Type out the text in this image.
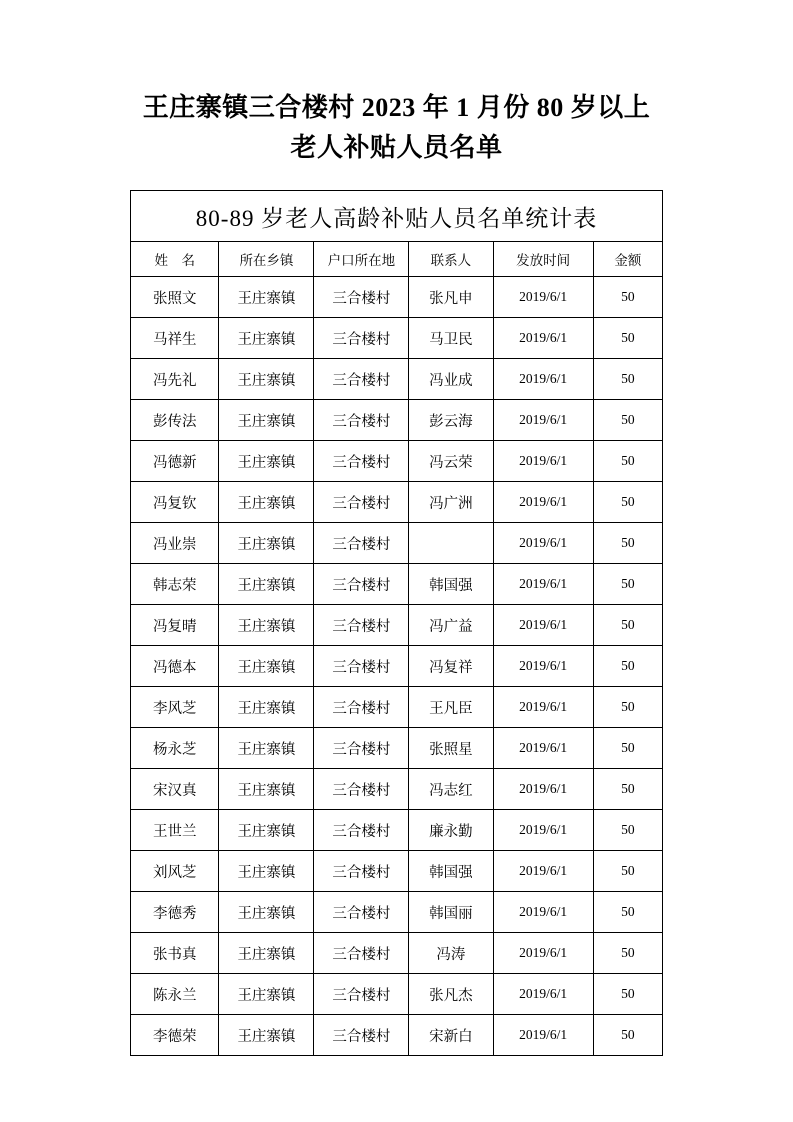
王庄寨镇三合楼村 2023 年 1 月份 80 岁以上
老人补贴人员名单
80-89 岁老人高龄补贴人员名单统计表					
姓　名	所在乡镇	户口所在地	联系人	发放时间	金额
张照文	王庄寨镇	三合楼村	张凡申	2019/6/1	50
马祥生	王庄寨镇	三合楼村	马卫民	2019/6/1	50
冯先礼	王庄寨镇	三合楼村	冯业成	2019/6/1	50
彭传法	王庄寨镇	三合楼村	彭云海	2019/6/1	50
冯德新	王庄寨镇	三合楼村	冯云荣	2019/6/1	50
冯复钦	王庄寨镇	三合楼村	冯广洲	2019/6/1	50
冯业崇	王庄寨镇	三合楼村		2019/6/1	50
韩志荣	王庄寨镇	三合楼村	韩国强	2019/6/1	50
冯复晴	王庄寨镇	三合楼村	冯广益	2019/6/1	50
冯德本	王庄寨镇	三合楼村	冯复祥	2019/6/1	50
李风芝	王庄寨镇	三合楼村	王凡臣	2019/6/1	50
杨永芝	王庄寨镇	三合楼村	张照星	2019/6/1	50
宋汉真	王庄寨镇	三合楼村	冯志红	2019/6/1	50
王世兰	王庄寨镇	三合楼村	廉永勤	2019/6/1	50
刘风芝	王庄寨镇	三合楼村	韩国强	2019/6/1	50
李德秀	王庄寨镇	三合楼村	韩国丽	2019/6/1	50
张书真	王庄寨镇	三合楼村	冯涛	2019/6/1	50
陈永兰	王庄寨镇	三合楼村	张凡杰	2019/6/1	50
李德荣	王庄寨镇	三合楼村	宋新白	2019/6/1	50
